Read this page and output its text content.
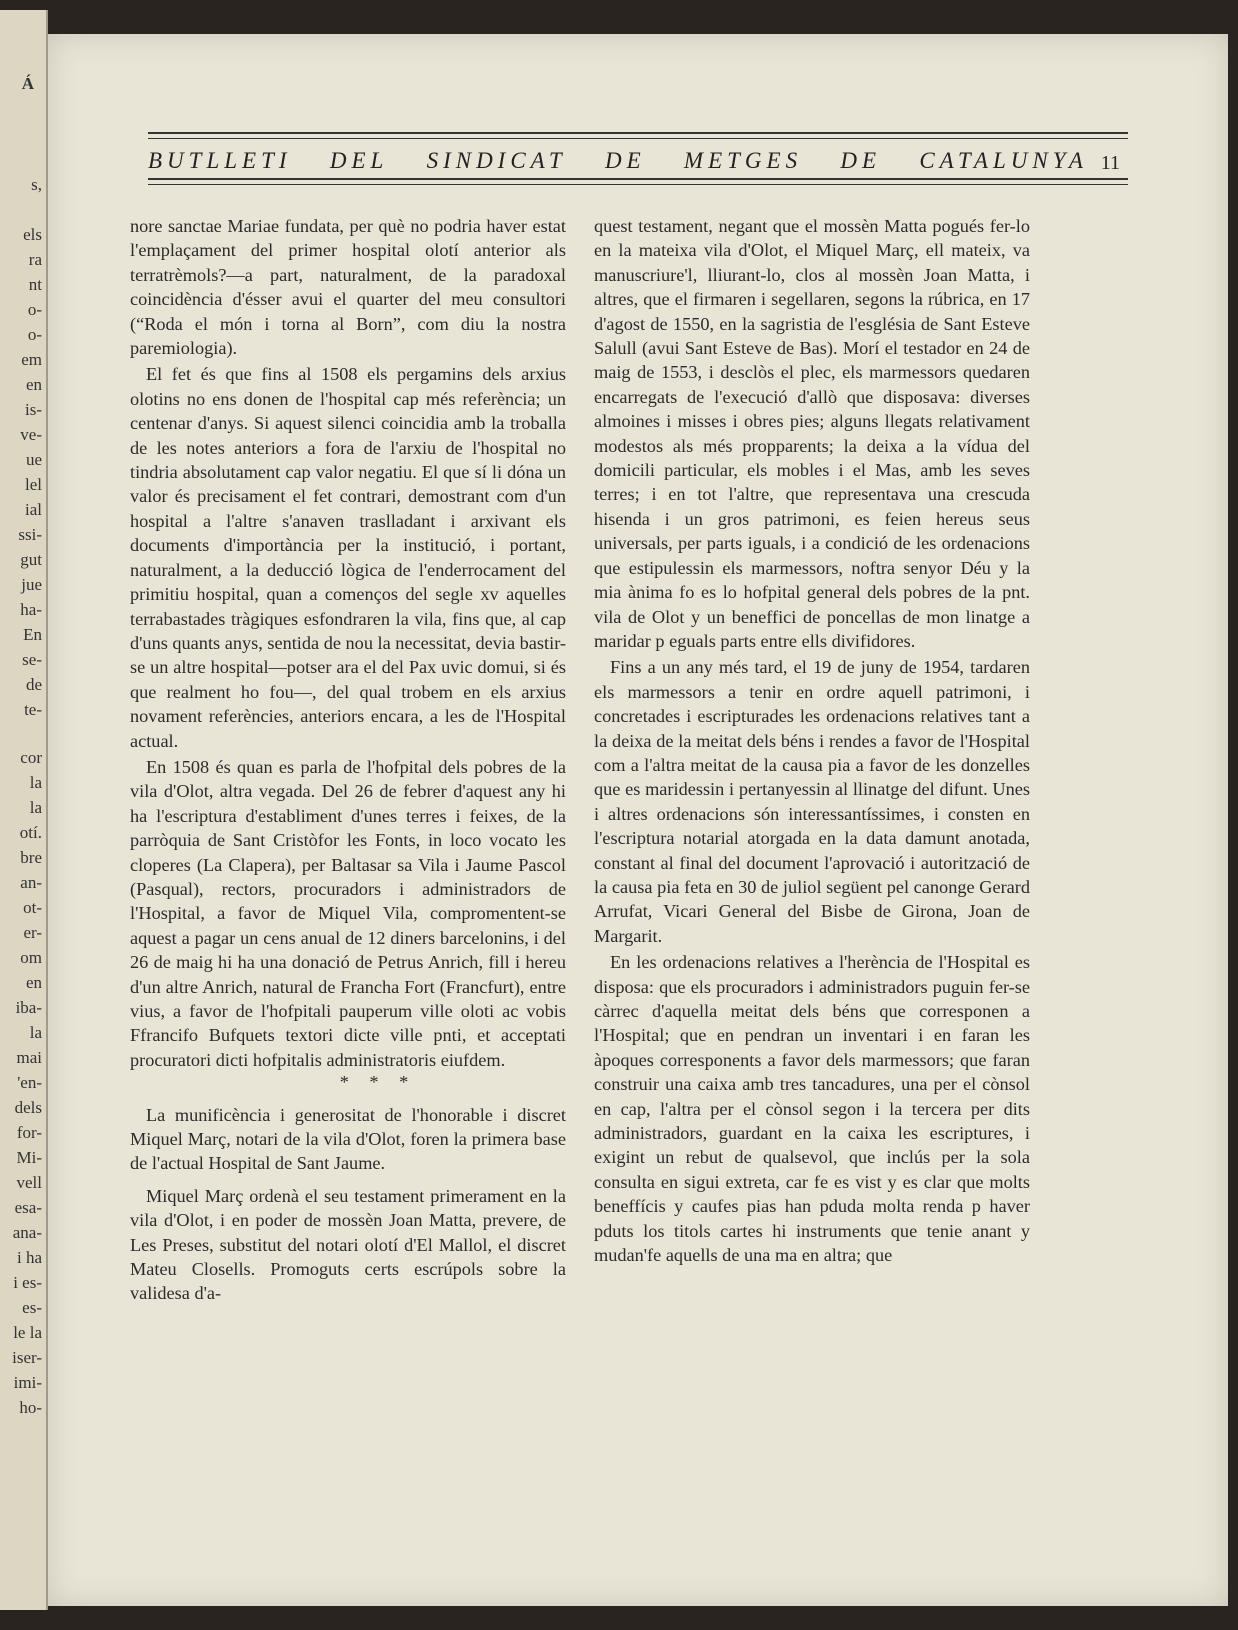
Á
s,
els
ra
nt
o-
o-
em
en
is-
ve-
ue
lel
ial
ssi-
gut
jue
ha-
En
se-
de
te-
cor
la
la
otí.
bre
an-
ot-
er-
om
en
iba-
la
mai
'en-
dels
for-
Mi-
vell
esa-
ana-
i ha
i es-
es-
le la
iser-
imi-
ho-
BUTLLETI DEL SINDICAT DE METGES DE CATALUNYA 11

nore sanctae Mariae fundata, per què no podria haver estat l'emplaçament del primer hospital olotí anterior als terratrèmols?—a part, naturalment, de la paradoxal coincidència d'ésser avui el quarter del meu consultori (“Roda el món i torna al Born”, com diu la nostra paremiologia).

El fet és que fins al 1508 els pergamins dels arxius olotins no ens donen de l'hospital cap més referència; un centenar d'anys. Si aquest silenci coincidia amb la troballa de les notes anteriors a fora de l'arxiu de l'hospital no tindria absolutament cap valor negatiu. El que sí li dóna un valor és precisament el fet contrari, demostrant com d'un hospital a l'altre s'anaven traslladant i arxivant els documents d'importància per la institució, i portant, naturalment, a la deducció lògica de l'enderrocament del primitiu hospital, quan a començos del segle xv aquelles terrabastades tràgiques esfondraren la vila, fins que, al cap d'uns quants anys, sentida de nou la necessitat, devia bastir-se un altre hospital—potser ara el del Pax uvic domui, si és que realment ho fou—, del qual trobem en els arxius novament referències, anteriors encara, a les de l'Hospital actual.

En 1508 és quan es parla de l'hofpital dels pobres de la vila d'Olot, altra vegada. Del 26 de febrer d'aquest any hi ha l'escriptura d'establiment d'unes terres i feixes, de la parròquia de Sant Cristòfor les Fonts, in loco vocato les cloperes (La Clapera), per Baltasar sa Vila i Jaume Pascol (Pasqual), rectors, procuradors i administradors de l'Hospital, a favor de Miquel Vila, compromentent-se aquest a pagar un cens anual de 12 diners barcelonins, i del 26 de maig hi ha una donació de Petrus Anrich, fill i hereu d'un altre Anrich, natural de Francha Fort (Francfurt), entre vius, a favor de l'hofpitali pauperum ville oloti ac vobis Ffrancifo Bufquets textori dicte ville pnti, et acceptati procuratori dicti hofpitalis administratoris eiufdem.

* * *

La munificència i generositat de l'honorable i discret Miquel Març, notari de la vila d'Olot, foren la primera base de l'actual Hospital de Sant Jaume.

Miquel Març ordenà el seu testament primerament en la vila d'Olot, i en poder de mossèn Joan Matta, prevere, de Les Preses, substitut del notari olotí d'El Mallol, el discret Mateu Closells. Promoguts certs escrúpols sobre la validesa d'a-

quest testament, negant que el mossèn Matta pogués fer-lo en la mateixa vila d'Olot, el Miquel Març, ell mateix, va manuscriure'l, lliurant-lo, clos al mossèn Joan Matta, i altres, que el firmaren i segellaren, segons la rúbrica, en 17 d'agost de 1550, en la sagristia de l'església de Sant Esteve Salull (avui Sant Esteve de Bas). Morí el testador en 24 de maig de 1553, i desclòs el plec, els marmessors quedaren encarregats de l'execució d'allò que disposava: diverses almoines i misses i obres pies; alguns llegats relativament modestos als més propparents; la deixa a la vídua del domicili particular, els mobles i el Mas, amb les seves terres; i en tot l'altre, que representava una crescuda hisenda i un gros patrimoni, es feien hereus seus universals, per parts iguals, i a condició de les ordenacions que estipulessin els marmessors, noftra senyor Déu y la mia ànima fo es lo hofpital general dels pobres de la pnt. vila de Olot y un beneffici de poncellas de mon linatge a maridar p eguals parts entre ells divifidores.

Fins a un any més tard, el 19 de juny de 1954, tardaren els marmessors a tenir en ordre aquell patrimoni, i concretades i escripturades les ordenacions relatives tant a la deixa de la meitat dels béns i rendes a favor de l'Hospital com a l'altra meitat de la causa pia a favor de les donzelles que es maridessin i pertanyessin al llinatge del difunt. Unes i altres ordenacions són interessantíssimes, i consten en l'escriptura notarial atorgada en la data damunt anotada, constant al final del document l'aprovació i autorització de la causa pia feta en 30 de juliol següent pel canonge Gerard Arrufat, Vicari General del Bisbe de Girona, Joan de Margarit.

En les ordenacions relatives a l'herència de l'Hospital es disposa: que els procuradors i administradors puguin fer-se càrrec d'aquella meitat dels béns que corresponen a l'Hospital; que en pendran un inventari i en faran les àpoques corresponents a favor dels marmessors; que faran construir una caixa amb tres tancadures, una per el cònsol en cap, l'altra per el cònsol segon i la tercera per dits administradors, guardant en la caixa les escriptures, i exigint un rebut de qualsevol, que inclús per la sola consulta en sigui extreta, car fe es vist y es clar que molts beneffícis y caufes pias han pduda molta renda p haver pduts los titols cartes hi instruments que tenie anant y mudan'fe aquells de una ma en altra; que
